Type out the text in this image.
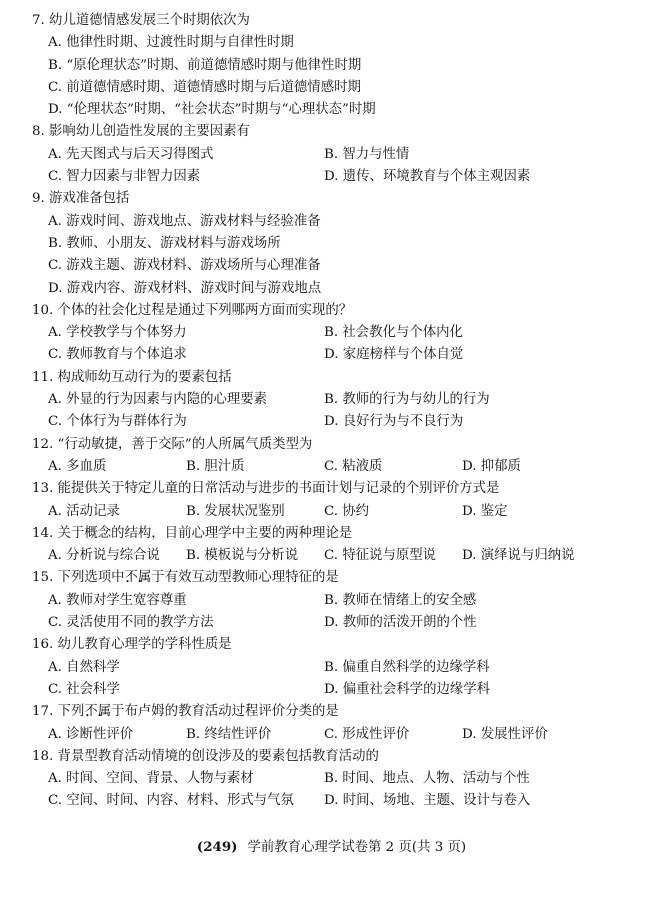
7. 幼儿道德情感发展三个时期依次为
A. 他律性时期、过渡性时期与自律性时期
B. “原伦理状态”时期、前道德情感时期与他律性时期
C. 前道德情感时期、道德情感时期与后道德情感时期
D. “伦理状态”时期、“社会状态”时期与“心理状态”时期
8. 影响幼儿创造性发展的主要因素有
A. 先天图式与后天习得图式	B. 智力与性情
C. 智力因素与非智力因素	D. 遗传、环境教育与个体主观因素
9. 游戏准备包括
A. 游戏时间、游戏地点、游戏材料与经验准备
B. 教师、小朋友、游戏材料与游戏场所
C. 游戏主题、游戏材料、游戏场所与心理准备
D. 游戏内容、游戏材料、游戏时间与游戏地点
10. 个体的社会化过程是通过下列哪两方面而实现的？
A. 学校教学与个体努力	B. 社会教化与个体内化
C. 教师教育与个体追求	D. 家庭榜样与个体自觉
11. 构成师幼互动行为的要素包括
A. 外显的行为因素与内隐的心理要素	B. 教师的行为与幼儿的行为
C. 个体行为与群体行为	D. 良好行为与不良行为
12. “行动敏捷，善于交际”的人所属气质类型为
A. 多血质	B. 胆汁质	C. 粘液质	D. 抑郁质
13. 能提供关于特定儿童的日常活动与进步的书面计划与记录的个别评价方式是
A. 活动记录	B. 发展状况鉴别	C. 协约	D. 鉴定
14. 关于概念的结构，目前心理学中主要的两种理论是
A. 分析说与综合说	B. 模板说与分析说	C. 特征说与原型说	D. 演绎说与归纳说
15. 下列选项中不属于 • •有效互动型教师心理特征的是
A. 教师对学生宽容尊重	B. 教师在情绪上的安全感
C. 灵活使用不同的教学方法	D. 教师的活泼开朗的个性
16. 幼儿教育心理学的学科性质是
A. 自然科学	B. 偏重自然科学的边缘学科
C. 社会科学	D. 偏重社会科学的边缘学科
17. 下列不属于 • •布卢姆的教育活动过程评价分类的是
A. 诊断性评价	B. 终结性评价	C. 形成性评价	D. 发展性评价
18. 背景型教育活动情境的创设涉及的要素包括教育活动的
A. 时间、空间、背景、人物与素材	B. 时间、地点、人物、活动与个性
C. 空间、时间、内容、材料、形式与气氛	D. 时间、场地、主题、设计与卷入
(249) 学前教育心理学试卷第 2 页(共 3 页)
